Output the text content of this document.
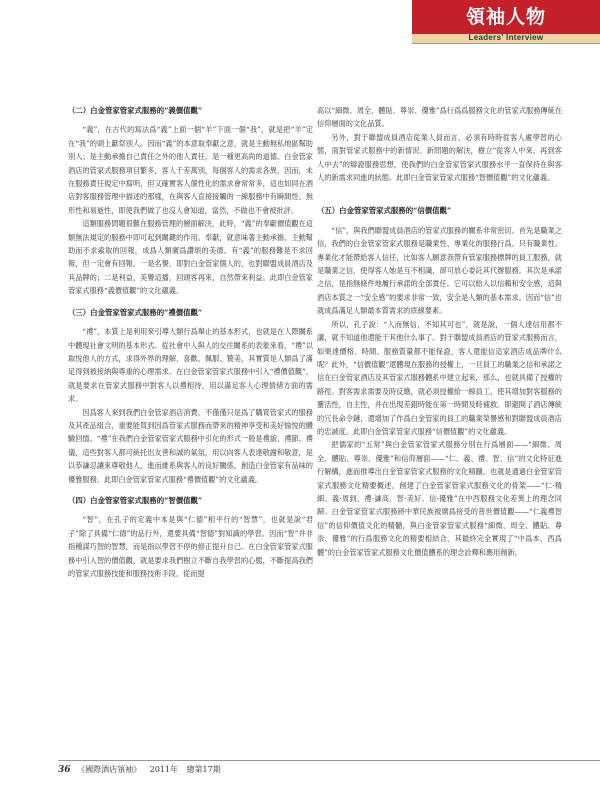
領袖人物
Leaders' Interview
（二）白金管家管家式服務的“義價值觀”

“義”，在古代的寫法爲“義”上面一個“羊”下面一個“我”，就是把“羊”定在“我”的頭上獻祭別人。因而“義”的本意取奉獻之意，就是主動無私地區幫助別人；是主動承擔自己責任之外的他人責任，是一種更高尚的道德。白金管家酒店的管家式服務項目繁多，客人千差萬別，每個客人的需求各異，因而，未在服務責任規定中寫明，但又確實客人個性化的需求會常常多，這也如同在酒店對客服務管理中描述的那樣，在與客人直接接觸的一線服務中有瞬間性、無形性和易逝性，即使我們做了也沒人會知道，當然，不做也不會被批評。

這類服務問題很難在服務管理的層面解決，此時，“義”的奉獻價值觀在這類無法規定的服務中即可起到關鍵的作用。奉獻，就意味著主動承擔、主動幫助而不求索取的回報，成爲人類廣爲讚頌的美德。有“義”的服務難是不求回報，但一定會有回報。一是名譽，即對白金管家個人的，也對聯盟成員酒店及其品牌的；二是利益，美譽這播，回頭客再來，自然帶來利益。此即白金管家管家式服務“義價值觀”的文化蘊義。

（三）白金管家管家式服務的“禮價值觀”

“禮”，本質上是利用來引導人類行爲舉止的基本形式，也就是在人際關系中體現社會文明的基本形式。從社會中人與人的交往關系的表象來看，“禮”以取悅他人的方式，求得外界的理解、喜歡、佩服、贊美，其實質是人類爲了滿足得到被接納與尊重的心理需求。在白金管家管家式服務中引入“禮價值觀”，就是要求在管家式服務中對客人以禮相待，用以滿足客人心理情緒方面的需求。

因爲客人來到我們白金管家酒店消費，不僅僅只是爲了購買管家式的服務及其產品組合，重要能買到因爲管家式服務而帶來的精神享受和美好愉悅的體驗回憶。“禮”在我們白金管家管家式服務中引化的形式一般是禮貌、禮節、禮儀，這些對客人都可統托出友善和誠的氣氛，用以向客人表達敬謝和敬意，是以恭謙忍讓來尊敬他人，進而維系與客人的良好關係，創造白金管家有品味的優雅服務。此即白金管家管家式服務“禮價值觀”的文化蘊義。

（四）白金管家管家式服務的“智價值觀”

“智”，在孔子的定義中本是與“仁德”相平行的“智慧”，也就是說“君子”除了具備“仁德”的品行外，還要具備“智德”對知識的學習。因而“智”并非指種謀巧智的智慧，而是指以學習不停的修正提升自己。在白金管家管家式服務中引入智的價值觀，就是要求我們樹立不斷自我學習的心態，不斷提高我們的管家式服務技能和服務技術手段，從而提

高以“細微、周全、體貼、尊崇、優雅”爲行爲爲服務文化的管家式服務傳統在信仰層面的文化品質。

另外，對于聯盟成員酒店從業人員而言，必須有時時從客人處學習的心態，面對管家式服務中的新情況、新問題的解決，樹立“從客人中來，再到客人中去”的辯證服務思想，使我們的白金管家管家式服務水平一直保持在與客人的新需求同進的狀態。此即白金管家管家式服務“智價值觀”的文化蘊義。

（五）白金管家管家式服務的“信價值觀”

“信”，與我們聯盟成員酒店的管家式服務的關系非常密切。首先是職業之信，我們的白金管家管家式服務是職業性、專業化的服務行爲。只有職業性、專業化才能帶給客人信任，比如客人願意我帶有管家服務標牌的員工服務，就是職業之信，使得客人她是互不相識，卻可放心委託其代辦服務。其次是承諾之信，是指無條件地履行承諾的全部責任。它可以給人以信賴和安全感，這與酒店本質之一“安全感”的要求非常一致，安全是人類的基本需求。因而“信”也就成爲滿足人類最本質需求的底線要素。

所以，孔子說：“人而無信，不知其可也”，就是說，一個人達信用都不講，就不知道他還能干其他什么事了。對于聯盟成員酒店的管家式服務而言，如果達價格、時間、服務質量都不能保證，客人還能信這家酒店成品牌什么呢？此外，“信價值觀”還體現在服務的授權上，一旦員工的職業之信和承諾之信在白金管家酒店及其管家式服務體系中建立起來，那么，也就具備了授權的路徑。對客需求需要及時反應，就必須授權給一線員工，使其增加對客服務的靈活性，自主性，并在出現差錯時能在第一時間及時補救。即避開了酒店傳統的冗長命令鏈，還增加了作爲白金管家的員工的職業榮譽感和對聯盟成員酒店的忠誠度。此即白金管家管家式服務“信價值觀”的文化蘊義。

把儒家的“五常”與白金管家管家式服務分別在行爲層面——“細微、周全、體貼、尊崇、優雅”和信仰層面——“仁、義、禮、智、信”的文化特征進行解構，進而推導出白金管家管家式服務的文化精髓，也就是通過白金管家管家式服務文化精要概述，創建了白金管家管家式服務文化的骨架——“仁·精細、義·周到、禮·謙高、智·美好、信·優雅”在中西服務文化差異上的理念同歸。白金管家管家式服務將中華民族被廣爲接受的普世價值觀——“仁義禮智信”的信仰價值文化的精髓，與白金管家管家式服務“細微、周全、體貼、尊崇、優雅”的行爲服務文化的精要相結合，其最終完全實現了“中爲本、西爲體”的白金管家管家式服務文化價值體系的理念詮釋和應用創新。

36 《國際酒店領袖》 2011年 總第17期
